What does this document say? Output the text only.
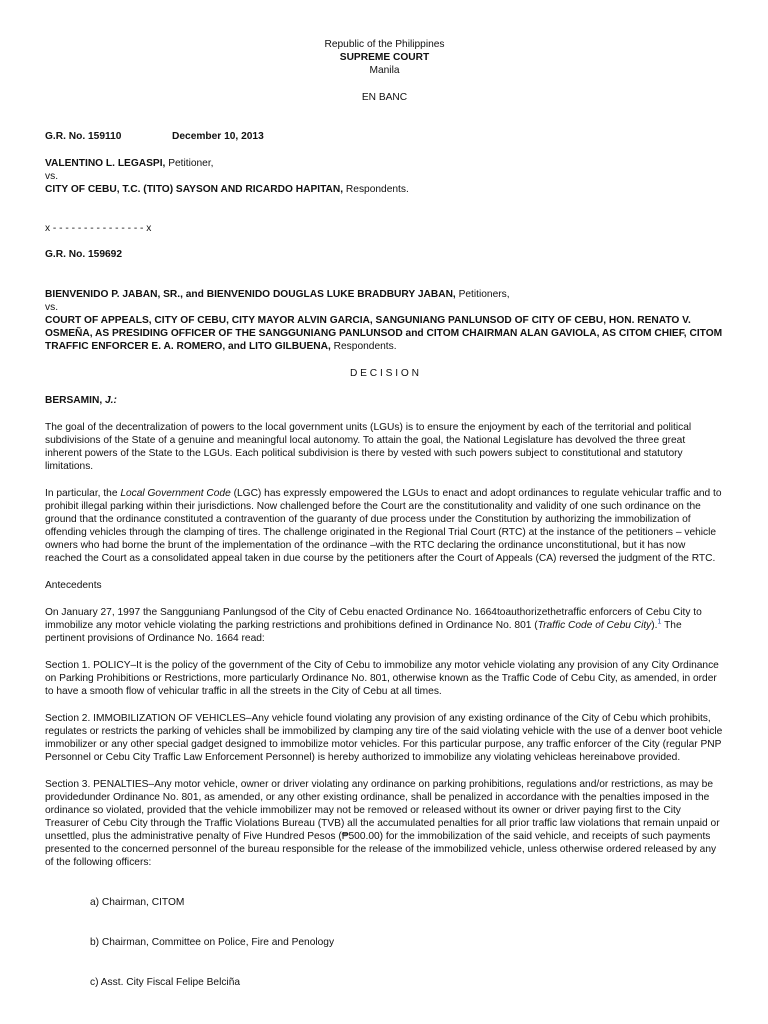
Republic of the Philippines

SUPREME COURT

Manila

EN BANC

G.R. No. 159110	December 10, 2013

VALENTINO L. LEGASPI, Petitioner,

vs.

CITY OF CEBU, T.C. (TITO) SAYSON AND RICARDO HAPITAN, Respondents.

x - - - - - - - - - - - - - - - x

G.R. No. 159692

BIENVENIDO P. JABAN, SR., and BIENVENIDO DOUGLAS LUKE BRADBURY JABAN, Petitioners,

vs.

COURT OF APPEALS, CITY OF CEBU, CITY MAYOR ALVIN GARCIA, SANGUNIANG PANLUNSOD OF CITY OF CEBU, HON. RENATO V. OSMEÑA, AS PRESIDING OFFICER OF THE SANGGUNIANG PANLUNSOD and CITOM CHAIRMAN ALAN GAVIOLA, AS CITOM CHIEF, CITOM TRAFFIC ENFORCER E. A. ROMERO, and LITO GILBUENA, Respondents.

D E C I S I O N

BERSAMIN, J.:

The goal of the decentralization of powers to the local government units (LGUs) is to ensure the enjoyment by each of the territorial and political subdivisions of the State of a genuine and meaningful local autonomy. To attain the goal, the National Legislature has devolved the three great inherent powers of the State to the LGUs. Each political subdivision is there by vested with such powers subject to constitutional and statutory limitations.

In particular, the Local Government Code (LGC) has expressly empowered the LGUs to enact and adopt ordinances to regulate vehicular traffic and to prohibit illegal parking within their jurisdictions. Now challenged before the Court are the constitutionality and validity of one such ordinance on the ground that the ordinance constituted a contravention of the guaranty of due process under the Constitution by authorizing the immobilization of offending vehicles through the clamping of tires. The challenge originated in the Regional Trial Court (RTC) at the instance of the petitioners – vehicle owners who had borne the brunt of the implementation of the ordinance –with the RTC declaring the ordinance unconstitutional, but it has now reached the Court as a consolidated appeal taken in due course by the petitioners after the Court of Appeals (CA) reversed the judgment of the RTC.

Antecedents

On January 27, 1997 the Sangguniang Panlungsod of the City of Cebu enacted Ordinance No. 1664toauthorizethetraffic enforcers of Cebu City to immobilize any motor vehicle violating the parking restrictions and prohibitions defined in Ordinance No. 801 (Traffic Code of Cebu City).$^1$ The pertinent provisions of Ordinance No. 1664 read:

Section 1. POLICY–It is the policy of the government of the City of Cebu to immobilize any motor vehicle violating any provision of any City Ordinance on Parking Prohibitions or Restrictions, more particularly Ordinance No. 801, otherwise known as the Traffic Code of Cebu City, as amended, in order to have a smooth flow of vehicular traffic in all the streets in the City of Cebu at all times.

Section 2. IMMOBILIZATION OF VEHICLES–Any vehicle found violating any provision of any existing ordinance of the City of Cebu which prohibits, regulates or restricts the parking of vehicles shall be immobilized by clamping any tire of the said violating vehicle with the use of a denver boot vehicle immobilizer or any other special gadget designed to immobilize motor vehicles. For this particular purpose, any traffic enforcer of the City (regular PNP Personnel or Cebu City Traffic Law Enforcement Personnel) is hereby authorized to immobilize any violating vehicleas hereinabove provided.

Section 3. PENALTIES–Any motor vehicle, owner or driver violating any ordinance on parking prohibitions, regulations and/or restrictions, as may be providedunder Ordinance No. 801, as amended, or any other existing ordinance, shall be penalized in accordance with the penalties imposed in the ordinance so violated, provided that the vehicle immobilizer may not be removed or released without its owner or driver paying first to the City Treasurer of Cebu City through the Traffic Violations Bureau (TVB) all the accumulated penalties for all prior traffic law violations that remain unpaid or unsettled, plus the administrative penalty of Five Hundred Pesos (₱500.00) for the immobilization of the said vehicle, and receipts of such payments presented to the concerned personnel of the bureau responsible for the release of the immobilized vehicle, unless otherwise ordered released by any of the following officers:

a) Chairman, CITOM

b) Chairman, Committee on Police, Fire and Penology

c) Asst. City Fiscal Felipe Belciña
